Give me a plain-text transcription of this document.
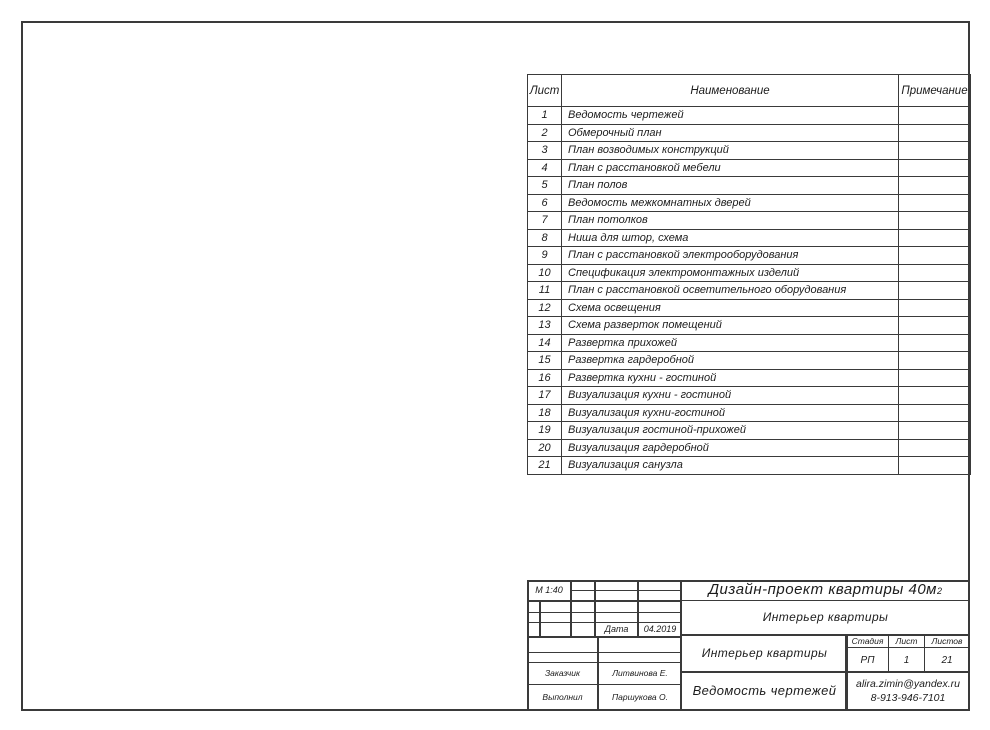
Лист	Наименование	Примечание
1	Ведомость чертежей	
2	Обмерочный план	
3	План возводимых конструкций	
4	План с расстановкой мебели	
5	План полов	
6	Ведомость межкомнатных дверей	
7	План потолков	
8	Ниша для штор, схема	
9	План с расстановкой электрооборудования	
10	Спецификация электромонтажных изделий	
11	План с расстановкой осветительного оборудования	
12	Схема освещения	
13	Схема разверток помещений	
14	Развертка прихожей	
15	Развертка гардеробной	
16	Развертка кухни - гостиной	
17	Визуализация кухни - гостиной	
18	Визуализация кухни-гостиной	
19	Визуализация гостиной-прихожей	
20	Визуализация гардеробной	
21	Визуализация санузла	
М 1:40
Дата	04.2019
Заказчик	Литвинова Е.
Выполнил	Паршукова О.
Дизайн-проект квартиры 40м 2
Интерьер квартиры
Интерьер квартиры
Стадия	Лист	Листов
РП	1	21
Ведомость чертежей	alira.zimin@yandex.ru
8-913-946-7101
